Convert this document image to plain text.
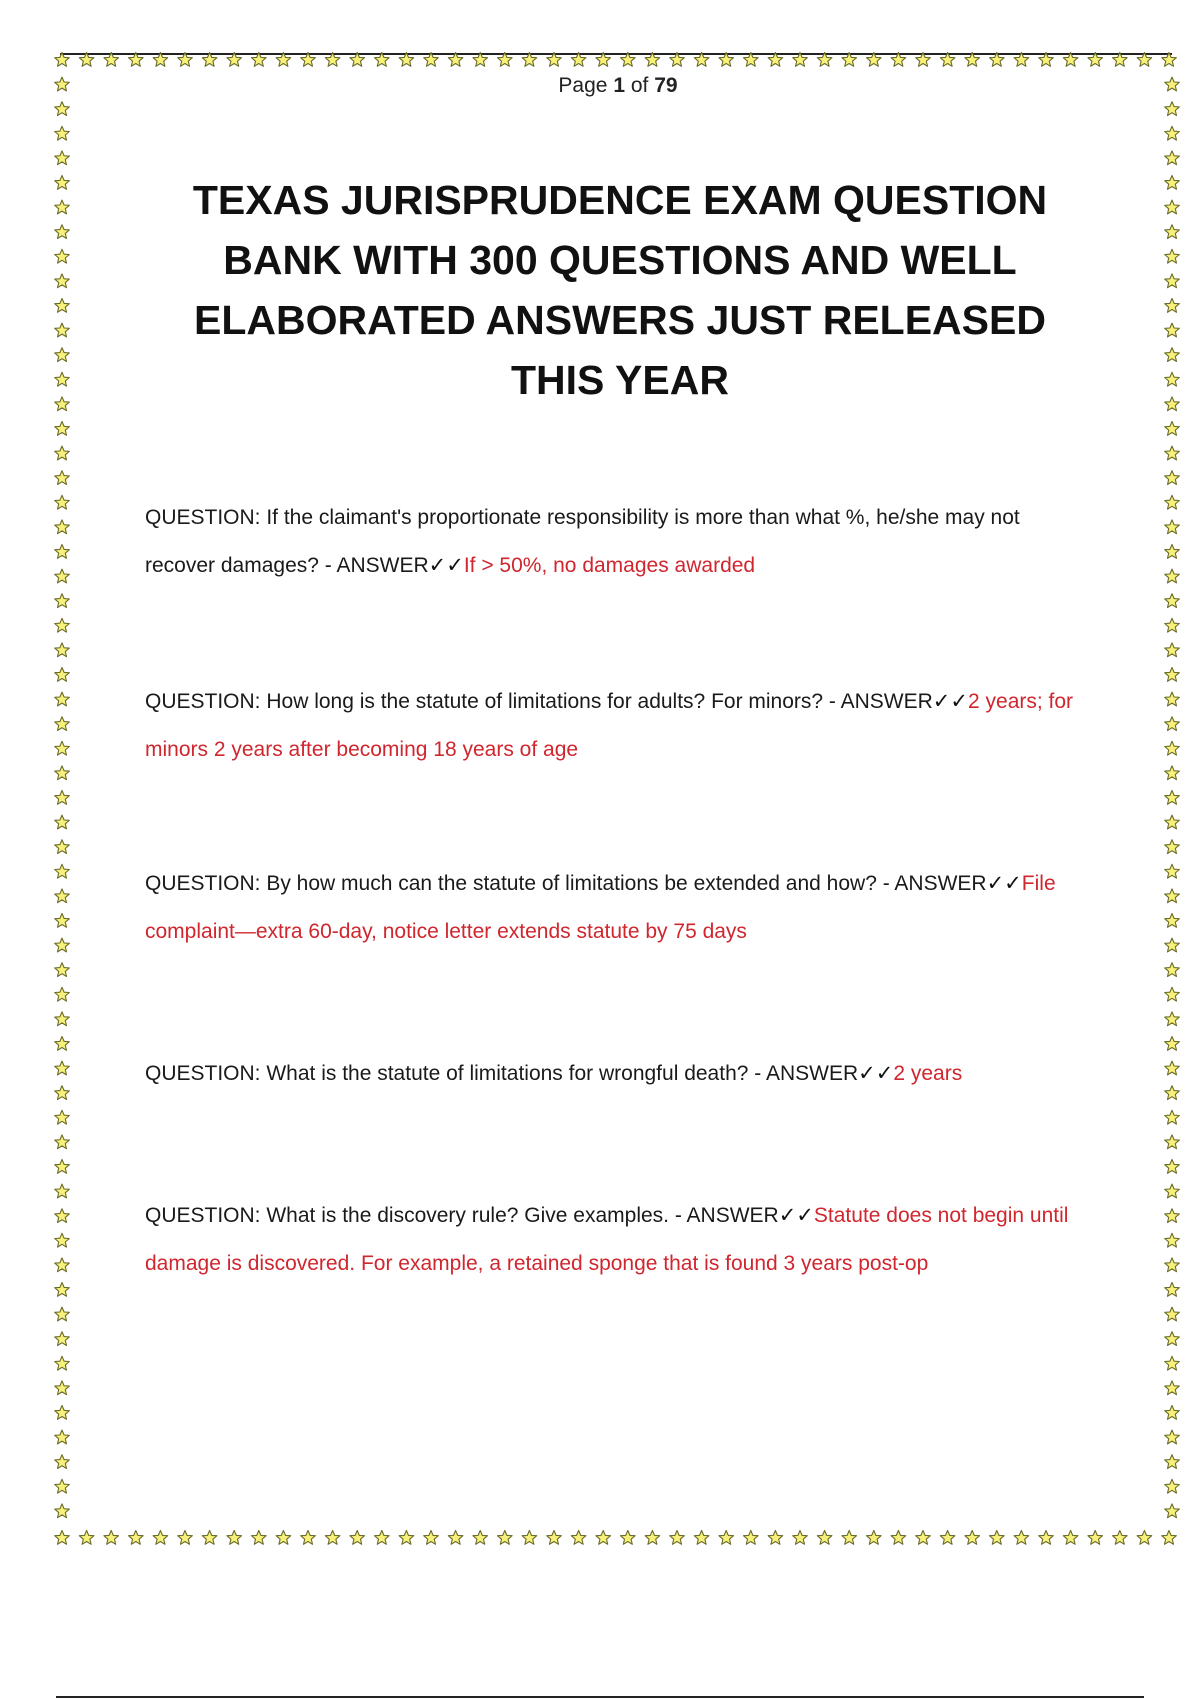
Page 1 of 79
TEXAS JURISPRUDENCE EXAM QUESTION BANK WITH 300 QUESTIONS AND WELL ELABORATED ANSWERS JUST RELEASED THIS YEAR

QUESTION: If the claimant's proportionate responsibility is more than what %, he/she may not recover damages? - ANSWER✓✓If > 50%, no damages awarded

QUESTION: How long is the statute of limitations for adults? For minors? - ANSWER✓✓2 years; for minors 2 years after becoming 18 years of age

QUESTION: By how much can the statute of limitations be extended and how? - ANSWER✓✓File complaint—extra 60-day, notice letter extends statute by 75 days

QUESTION: What is the statute of limitations for wrongful death? - ANSWER✓✓2 years

QUESTION: What is the discovery rule? Give examples. - ANSWER✓✓Statute does not begin until damage is discovered. For example, a retained sponge that is found 3 years post-op
